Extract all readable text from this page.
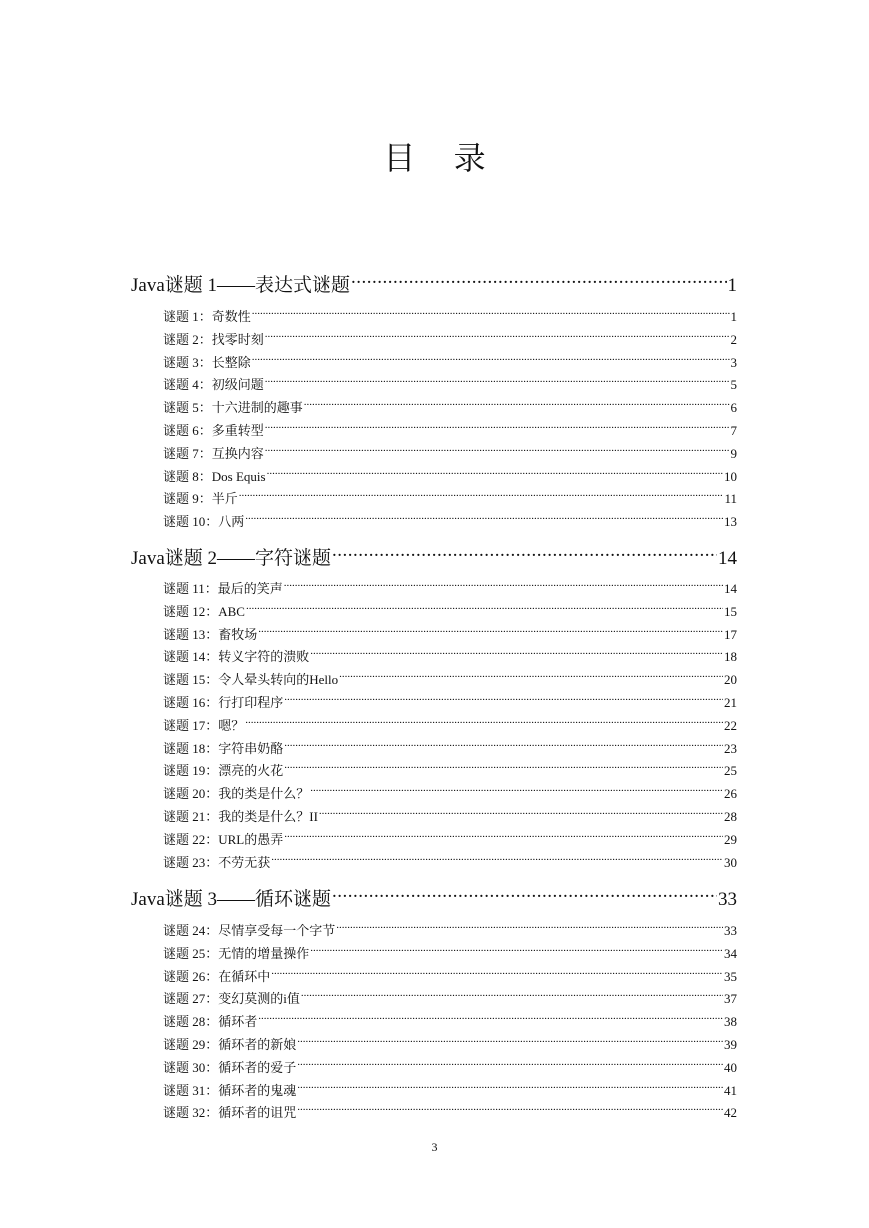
目 录
Java谜题 1——表达式谜题 .....	1
谜题 1：奇数性 .....	1
谜题 2：找零时刻 .....	2
谜题 3：长整除 .....	3
谜题 4：初级问题 .....	5
谜题 5：十六进制的趣事 .....	6
谜题 6：多重转型 .....	7
谜题 7：互换内容 .....	9
谜题 8：Dos Equis .....	10
谜题 9：半斤 .....	11
谜题 10：八两 .....	13
Java谜题 2——字符谜题 .....	14
谜题 11：最后的笑声 .....	14
谜题 12：ABC .....	15
谜题 13：畜牧场 .....	17
谜题 14：转义字符的溃败 .....	18
谜题 15：令人晕头转向的Hello .....	20
谜题 16：行打印程序 .....	21
谜题 17：嗯？ .....	22
谜题 18：字符串奶酪 .....	23
谜题 19：漂亮的火花 .....	25
谜题 20：我的类是什么？ .....	26
谜题 21：我的类是什么？II .....	28
谜题 22：URL的愚弄 .....	29
谜题 23：不劳无获 .....	30
Java谜题 3——循环谜题 .....	33
谜题 24：尽情享受每一个字节 .....	33
谜题 25：无情的增量操作 .....	34
谜题 26：在循环中 .....	35
谜题 27：变幻莫测的i值 .....	37
谜题 28：循环者 .....	38
谜题 29：循环者的新娘 .....	39
谜题 30：循环者的爱子 .....	40
谜题 31：循环者的鬼魂 .....	41
谜题 32：循环者的诅咒 .....	42
3
